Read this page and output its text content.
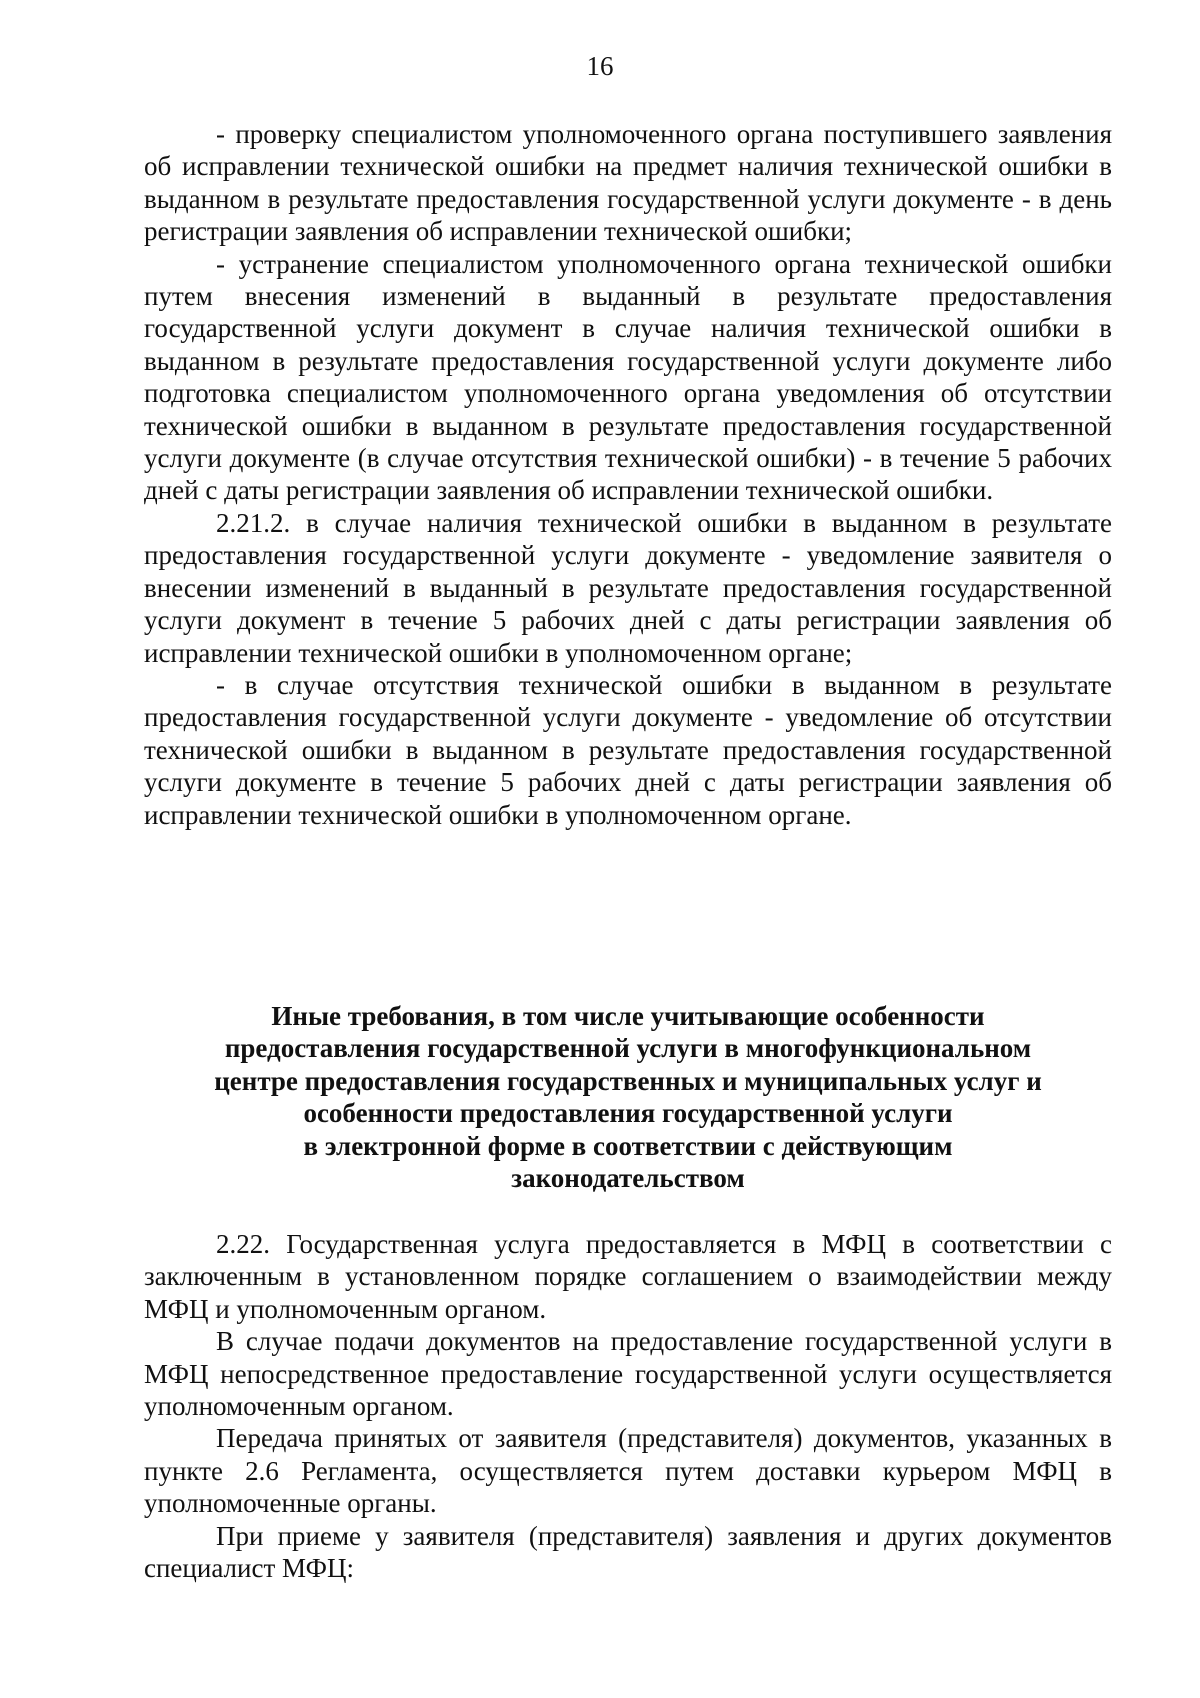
16

- проверку специалистом уполномоченного органа поступившего заявления об исправлении технической ошибки на предмет наличия технической ошибки в выданном в результате предоставления государственной услуги документе - в день регистрации заявления об исправлении технической ошибки;

- устранение специалистом уполномоченного органа технической ошибки путем внесения изменений в выданный в результате предоставления государственной услуги документ в случае наличия технической ошибки в выданном в результате предоставления государственной услуги документе либо подготовка специалистом уполномоченного органа уведомления об отсутствии технической ошибки в выданном в результате предоставления государственной услуги документе (в случае отсутствия технической ошибки) - в течение 5 рабочих дней с даты регистрации заявления об исправлении технической ошибки.

2.21.2. в случае наличия технической ошибки в выданном в результате предоставления государственной услуги документе - уведомление заявителя о внесении изменений в выданный в результате предоставления государственной услуги документ в течение 5 рабочих дней с даты регистрации заявления об исправлении технической ошибки в уполномоченном органе;

- в случае отсутствия технической ошибки в выданном в результате предоставления государственной услуги документе - уведомление об отсутствии технической ошибки в выданном в результате предоставления государственной услуги документе в течение 5 рабочих дней с даты регистрации заявления об исправлении технической ошибки в уполномоченном органе.

Иные требования, в том числе учитывающие особенности
предоставления государственной услуги в многофункциональном
центре предоставления государственных и муниципальных услуг и
особенности предоставления государственной услуги
в электронной форме в соответствии с действующим
законодательством

2.22. Государственная услуга предоставляется в МФЦ в соответствии с заключенным в установленном порядке соглашением о взаимодействии между МФЦ и уполномоченным органом.

В случае подачи документов на предоставление государственной услуги в МФЦ непосредственное предоставление государственной услуги осуществляется уполномоченным органом.

Передача принятых от заявителя (представителя) документов, указанных в пункте 2.6 Регламента, осуществляется путем доставки курьером МФЦ в уполномоченные органы.

При приеме у заявителя (представителя) заявления и других документов специалист МФЦ:
